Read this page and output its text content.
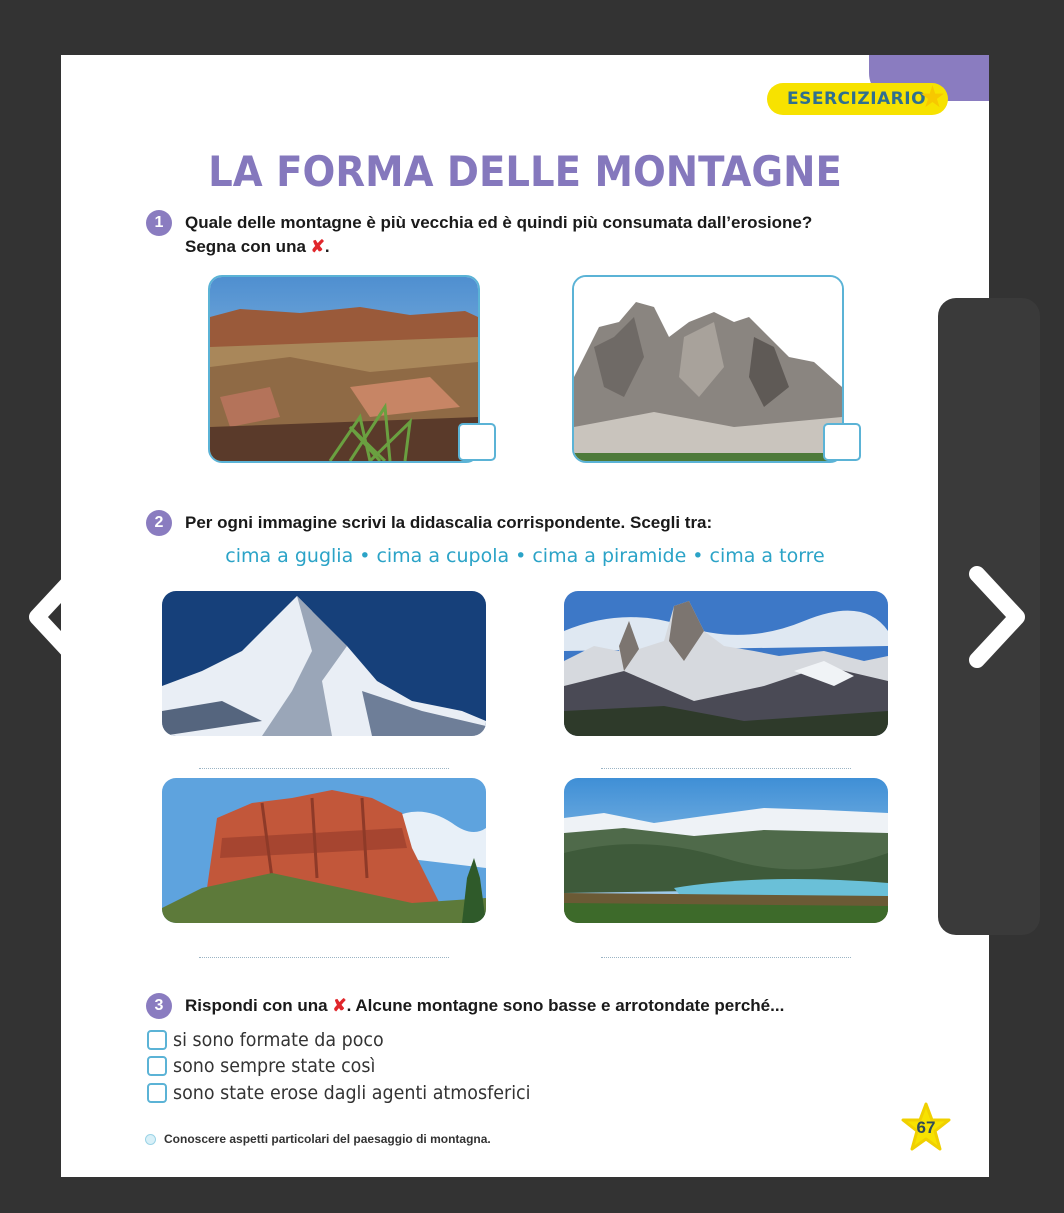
ESERCIZIARIO
★
LA FORMA DELLE MONTAGNE
1	Quale delle montagne è più vecchia ed è quindi più consumata dall’erosione?
Segna con una ✘.
2	Per ogni immagine scrivi la didascalia corrispondente. Scegli tra:
cima a guglia • cima a cupola • cima a piramide • cima a torre
3	Rispondi con una ✘. Alcune montagne sono basse e arrotondate perché...
si sono formate da poco
sono sempre state così
sono state erose dagli agenti atmosferici
Conoscere aspetti particolari del paesaggio di montagna.
67
